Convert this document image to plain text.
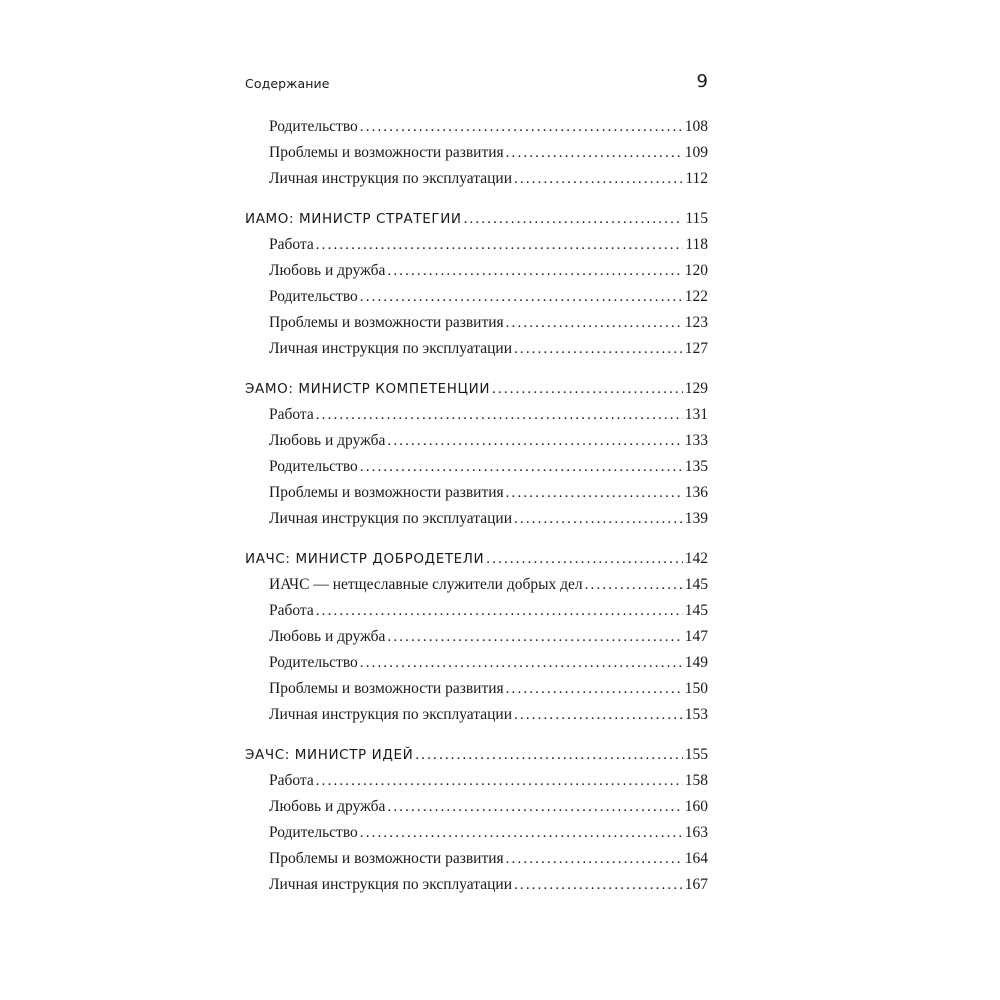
Содержание	9
Родительство . . .	108
Проблемы и возможности развития . . .	109
Личная инструкция по эксплуатации . . .	112
ИАМО: МИНИСТР СТРАТЕГИИ . . .	115
Работа . . .	118
Любовь и дружба . . .	120
Родительство . . .	122
Проблемы и возможности развития . . .	123
Личная инструкция по эксплуатации . . .	127
ЭАМО: МИНИСТР КОМПЕТЕНЦИИ . . .	129
Работа . . .	131
Любовь и дружба . . .	133
Родительство . . .	135
Проблемы и возможности развития . . .	136
Личная инструкция по эксплуатации . . .	139
ИАЧС: МИНИСТР ДОБРОДЕТЕЛИ . . .	142
ИАЧС — нетщеславные служители добрых дел . . .	145
Работа . . .	145
Любовь и дружба . . .	147
Родительство . . .	149
Проблемы и возможности развития . . .	150
Личная инструкция по эксплуатации . . .	153
ЭАЧС: МИНИСТР ИДЕЙ . . .	155
Работа . . .	158
Любовь и дружба . . .	160
Родительство . . .	163
Проблемы и возможности развития . . .	164
Личная инструкция по эксплуатации . . .	167
